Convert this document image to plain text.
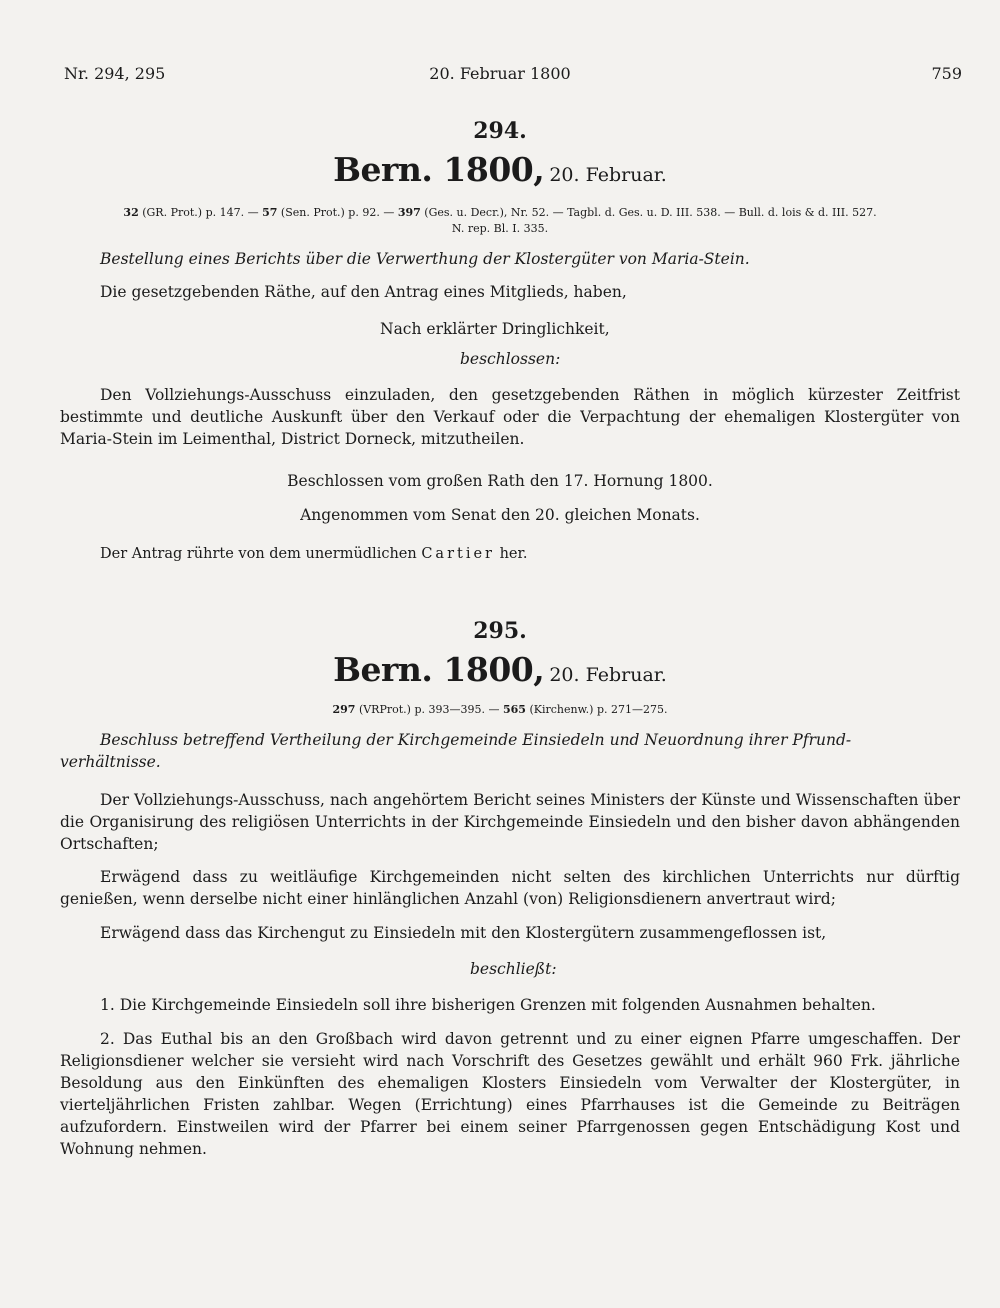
Nr. 294, 295	20. Februar 1800	759
294.
Bern. 1800, 20. Februar.
32 (GR. Prot.) p. 147. — 57 (Sen. Prot.) p. 92. — 397 (Ges. u. Decr.), Nr. 52. — Tagbl. d. Ges. u. D. III. 538. — Bull. d. lois & d. III. 527.
N. rep. Bl. I. 335.
Bestellung eines Berichts über die Verwerthung der Klostergüter von Maria-Stein.
Die gesetzgebenden Räthe, auf den Antrag eines Mitglieds, haben,
Nach erklärter Dringlichkeit,
beschlossen:
Den Vollziehungs-Ausschuss einzuladen, den gesetzgebenden Räthen in möglich kürzester Zeitfrist bestimmte und deutliche Auskunft über den Verkauf oder die Verpachtung der ehemaligen Klostergüter von Maria-Stein im Leimenthal, District Dorneck, mitzutheilen.
Beschlossen vom großen Rath den 17. Hornung 1800.
Angenommen vom Senat den 20. gleichen Monats.
Der Antrag rührte von dem unermüdlichen Cartier her.
295.
Bern. 1800, 20. Februar.
297 (VRProt.) p. 393—395. — 565 (Kirchenw.) p. 271—275.
Beschluss betreffend Vertheilung der Kirchgemeinde Einsiedeln und Neuordnung ihrer Pfrund-
verhältnisse.
Der Vollziehungs-Ausschuss, nach angehörtem Bericht seines Ministers der Künste und Wissenschaften über die Organisirung des religiösen Unterrichts in der Kirchgemeinde Einsiedeln und den bisher davon abhängenden Ortschaften;
Erwägend dass zu weitläufige Kirchgemeinden nicht selten des kirchlichen Unterrichts nur dürftig genießen, wenn derselbe nicht einer hinlänglichen Anzahl (von) Religionsdienern anvertraut wird;
Erwägend dass das Kirchengut zu Einsiedeln mit den Klostergütern zusammengeflossen ist,
beschließt:
1. Die Kirchgemeinde Einsiedeln soll ihre bisherigen Grenzen mit folgenden Ausnahmen behalten.
2. Das Euthal bis an den Großbach wird davon getrennt und zu einer eignen Pfarre umgeschaffen. Der Religionsdiener welcher sie versieht wird nach Vorschrift des Gesetzes gewählt und erhält 960 Frk. jährliche Besoldung aus den Einkünften des ehemaligen Klosters Einsiedeln vom Verwalter der Klostergüter, in vierteljährlichen Fristen zahlbar. Wegen (Errichtung) eines Pfarrhauses ist die Gemeinde zu Beiträgen aufzufordern. Einstweilen wird der Pfarrer bei einem seiner Pfarrgenossen gegen Entschädigung Kost und Wohnung nehmen.
